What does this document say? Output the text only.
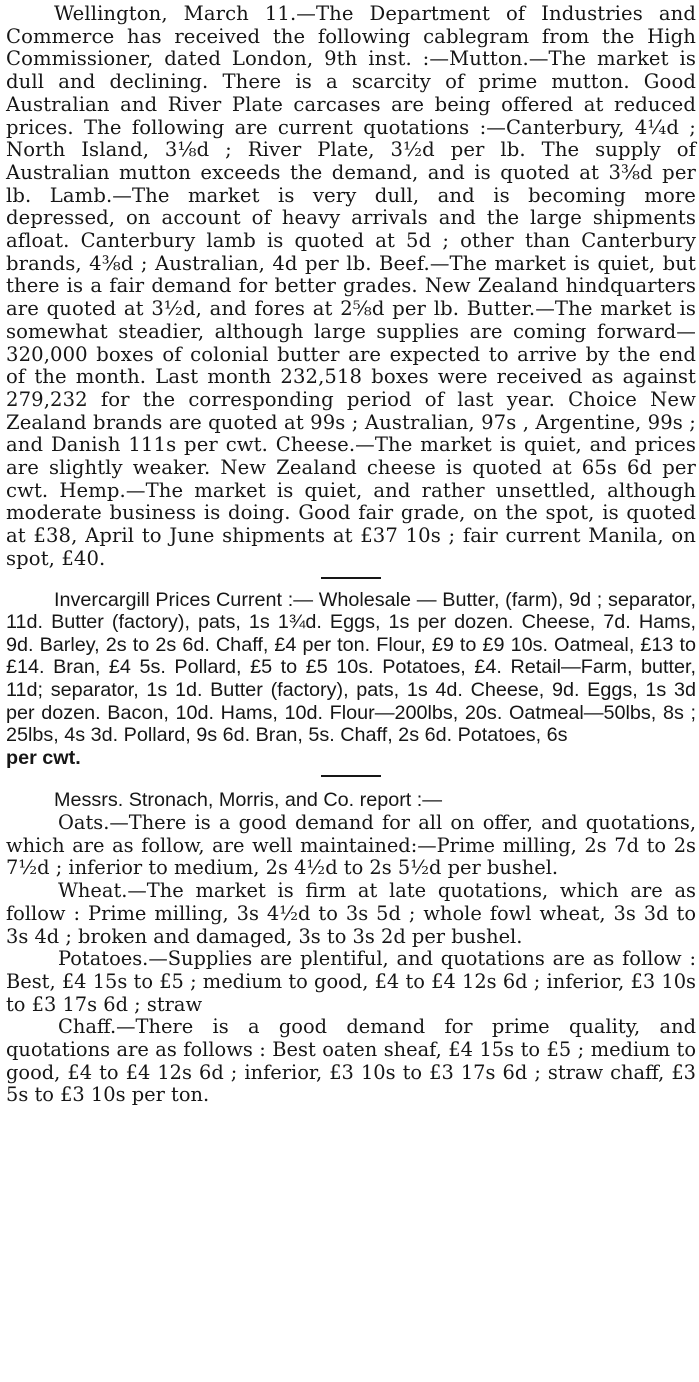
Wellington, March 11.—The Department of Industries and Commerce has received the following cablegram from the High Commissioner, dated London, 9th inst. :—Mutton.—The market is dull and declining. There is a scarcity of prime mutton. Good Australian and River Plate carcases are being offered at reduced prices. The following are current quotations :—Canterbury, 4¼d ; North Island, 3⅛d ; River Plate, 3½d per lb. The supply of Australian mutton exceeds the demand, and is quoted at 3⅜d per lb. Lamb.—The market is very dull, and is becoming more depressed, on account of heavy arrivals and the large shipments afloat. Canterbury lamb is quoted at 5d ; other than Canterbury brands, 4⅜d ; Australian, 4d per lb. Beef.—The market is quiet, but there is a fair demand for better grades. New Zealand hindquarters are quoted at 3½d, and fores at 2⅝d per lb. Butter.—The market is somewhat steadier, although large supplies are coming forward—320,000 boxes of colonial butter are expected to arrive by the end of the month. Last month 232,518 boxes were received as against 279,232 for the corresponding period of last year. Choice New Zealand brands are quoted at 99s ; Australian, 97s , Argentine, 99s ; and Danish 111s per cwt. Cheese.—The market is quiet, and prices are slightly weaker. New Zealand cheese is quoted at 65s 6d per cwt. Hemp.—The market is quiet, and rather unsettled, although moderate business is doing. Good fair grade, on the spot, is quoted at £38, April to June shipments at £37 10s ; fair current Manila, on spot, £40.

Invercargill Prices Current :— Wholesale — Butter, (farm), 9d ; separator, 11d. Butter (factory), pats, 1s 1¾d. Eggs, 1s per dozen. Cheese, 7d. Hams, 9d. Barley, 2s to 2s 6d. Chaff, £4 per ton. Flour, £9 to £9 10s. Oatmeal, £13 to £14. Bran, £4 5s. Pollard, £5 to £5 10s. Potatoes, £4. Retail—Farm, butter, 11d; separator, 1s 1d. Butter (factory), pats, 1s 4d. Cheese, 9d. Eggs, 1s 3d per dozen. Bacon, 10d. Hams, 10d. Flour—200lbs, 20s. Oatmeal—50lbs, 8s ; 25lbs, 4s 3d. Pollard, 9s 6d. Bran, 5s. Chaff, 2s 6d. Potatoes, 6s
per cwt.

Messrs. Stronach, Morris, and Co. report :—

Oats.—There is a good demand for all on offer, and quotations, which are as follow, are well maintained:—Prime milling, 2s 7d to 2s 7½d ; inferior to medium, 2s 4½d to 2s 5½d per bushel.

Wheat.—The market is firm at late quotations, which are as follow : Prime milling, 3s 4½d to 3s 5d ; whole fowl wheat, 3s 3d to 3s 4d ; broken and damaged, 3s to 3s 2d per bushel.

Potatoes.—Supplies are plentiful, and quotations are as follow : Best, £4 15s to £5 ; medium to good, £4 to £4 12s 6d ; inferior, £3 10s to £3 17s 6d ; straw

Chaff.—There is a good demand for prime quality, and quotations are as follows : Best oaten sheaf, £4 15s to £5 ; medium to good, £4 to £4 12s 6d ; inferior, £3 10s to £3 17s 6d ; straw chaff, £3 5s to £3 10s per ton.
